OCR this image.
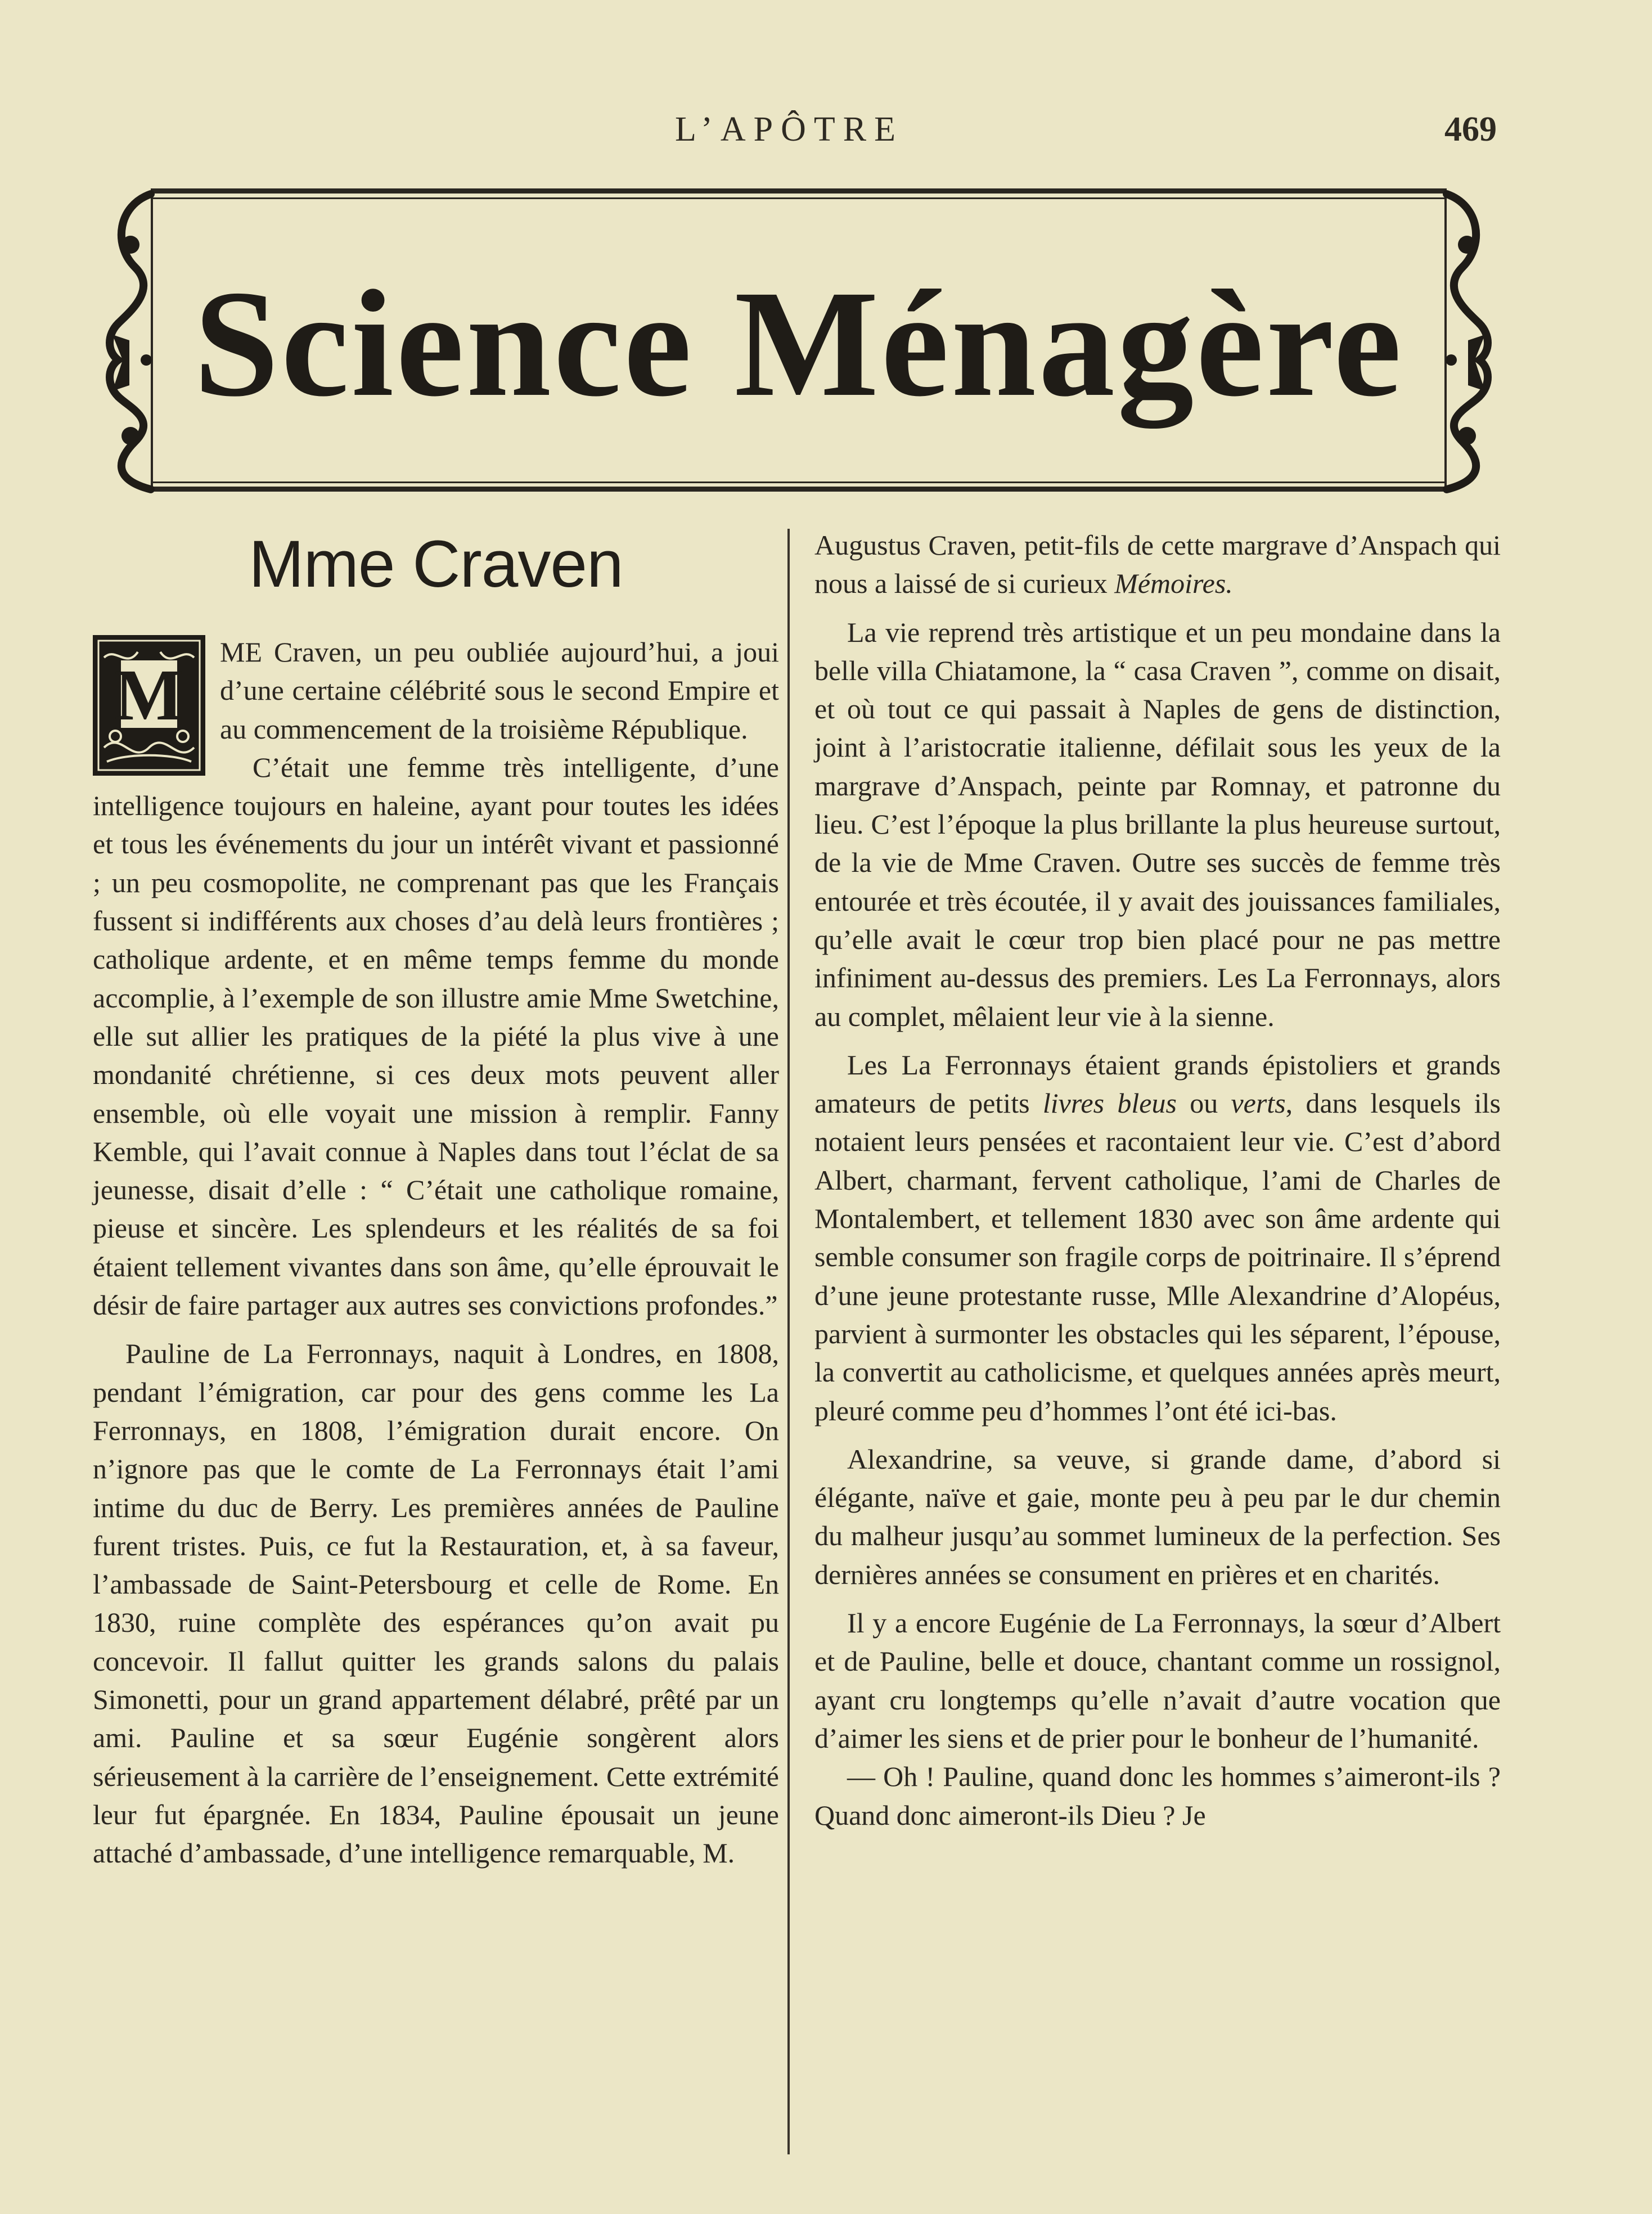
L’APÔTRE	469
Science Ménagère
Mme Craven

M
ME Craven, un peu oubliée aujourd’hui, a joui d’une certaine célébrité sous le second Empire et au commencement de la troisième République.

C’était une femme très intelligente, d’une intelligence toujours en haleine, ayant pour toutes les idées et tous les événements du jour un intérêt vivant et passionné ; un peu cosmopolite, ne comprenant pas que les Français fussent si indifférents aux choses d’au delà leurs frontières ; catholique ardente, et en même temps femme du monde accomplie, à l’exemple de son illustre amie Mme Swetchine, elle sut allier les pratiques de la piété la plus vive à une mondanité chrétienne, si ces deux mots peuvent aller ensemble, où elle voyait une mission à remplir. Fanny Kemble, qui l’avait connue à Naples dans tout l’éclat de sa jeunesse, disait d’elle : “ C’était une catholique romaine, pieuse et sincère. Les splendeurs et les réalités de sa foi étaient tellement vivantes dans son âme, qu’elle éprouvait le désir de faire partager aux autres ses convictions profondes.”

Pauline de La Ferronnays, naquit à Londres, en 1808, pendant l’émigration, car pour des gens comme les La Ferronnays, en 1808, l’émigration durait encore. On n’ignore pas que le comte de La Ferronnays était l’ami intime du duc de Berry. Les premières années de Pauline furent tristes. Puis, ce fut la Restauration, et, à sa faveur, l’ambassade de Saint-Petersbourg et celle de Rome. En 1830, ruine complète des espérances qu’on avait pu concevoir. Il fallut quitter les grands salons du palais Simonetti, pour un grand appartement délabré, prêté par un ami. Pauline et sa sœur Eugénie songèrent alors sérieusement à la carrière de l’enseignement. Cette extrémité leur fut épargnée. En 1834, Pauline épousait un jeune attaché d’ambassade, d’une intelligence remarquable, M.

Augustus Craven, petit-fils de cette margrave d’Anspach qui nous a laissé de si curieux Mémoires.

La vie reprend très artistique et un peu mondaine dans la belle villa Chiatamone, la “ casa Craven ”, comme on disait, et où tout ce qui passait à Naples de gens de distinction, joint à l’aristocratie italienne, défilait sous les yeux de la margrave d’Anspach, peinte par Romnay, et patronne du lieu. C’est l’époque la plus brillante la plus heureuse surtout, de la vie de Mme Craven. Outre ses succès de femme très entourée et très écoutée, il y avait des jouissances familiales, qu’elle avait le cœur trop bien placé pour ne pas mettre infiniment au-dessus des premiers. Les La Ferronnays, alors au complet, mêlaient leur vie à la sienne.

Les La Ferronnays étaient grands épistoliers et grands amateurs de petits livres bleus ou verts, dans lesquels ils notaient leurs pensées et racontaient leur vie. C’est d’abord Albert, charmant, fervent catholique, l’ami de Charles de Montalembert, et tellement 1830 avec son âme ardente qui semble consumer son fragile corps de poitrinaire. Il s’éprend d’une jeune protestante russe, Mlle Alexandrine d’Alopéus, parvient à surmonter les obstacles qui les séparent, l’épouse, la convertit au catholicisme, et quelques années après meurt, pleuré comme peu d’hommes l’ont été ici-bas.

Alexandrine, sa veuve, si grande dame, d’abord si élégante, naïve et gaie, monte peu à peu par le dur chemin du malheur jusqu’au sommet lumineux de la perfection. Ses dernières années se consument en prières et en charités.

Il y a encore Eugénie de La Ferronnays, la sœur d’Albert et de Pauline, belle et douce, chantant comme un rossignol, ayant cru longtemps qu’elle n’avait d’autre vocation que d’aimer les siens et de prier pour le bonheur de l’humanité.

— Oh ! Pauline, quand donc les hommes s’aimeront-ils ? Quand donc aimeront-ils Dieu ? Je
